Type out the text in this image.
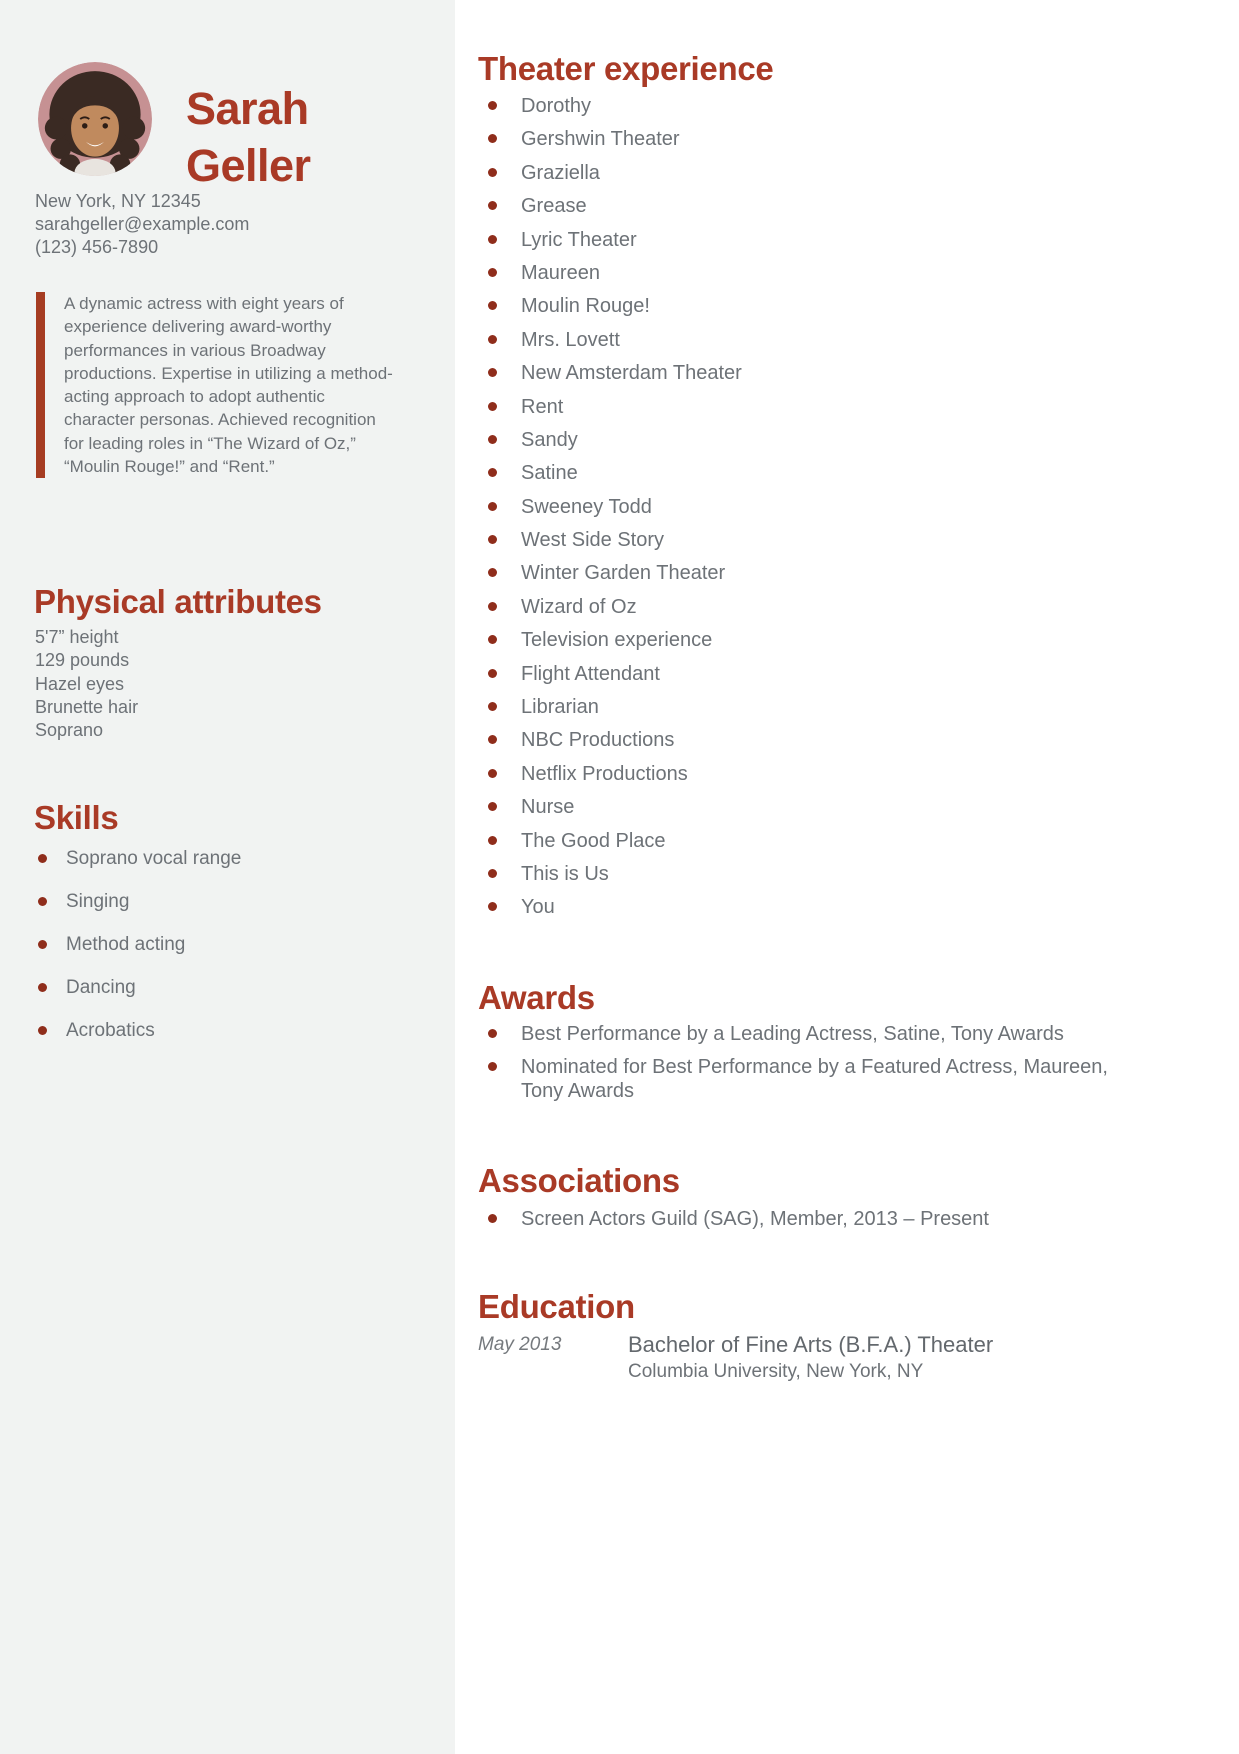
Sarah
Geller
New York, NY 12345
sarahgeller@example.com
(123) 456-7890
A dynamic actress with eight years of experience delivering award-worthy performances in various Broadway productions. Expertise in utilizing a method-acting approach to adopt authentic character personas. Achieved recognition for leading roles in “The Wizard of Oz,” “Moulin Rouge!” and “Rent.”
Physical attributes
5'7” height
129 pounds
Hazel eyes
Brunette hair
Soprano
Skills
Soprano vocal range
Singing
Method acting
Dancing
Acrobatics
Theater experience
Dorothy
Gershwin Theater
Graziella
Grease
Lyric Theater
Maureen
Moulin Rouge!
Mrs. Lovett
New Amsterdam Theater
Rent
Sandy
Satine
Sweeney Todd
West Side Story
Winter Garden Theater
Wizard of Oz
Television experience
Flight Attendant
Librarian
NBC Productions
Netflix Productions
Nurse
The Good Place
This is Us
You
Awards
Best Performance by a Leading Actress, Satine, Tony Awards
Nominated for Best Performance by a Featured Actress, Maureen, Tony Awards
Associations
Screen Actors Guild (SAG), Member, 2013 – Present
Education
May 2013	Bachelor of Fine Arts (B.F.A.) Theater
Columbia University, New York, NY
